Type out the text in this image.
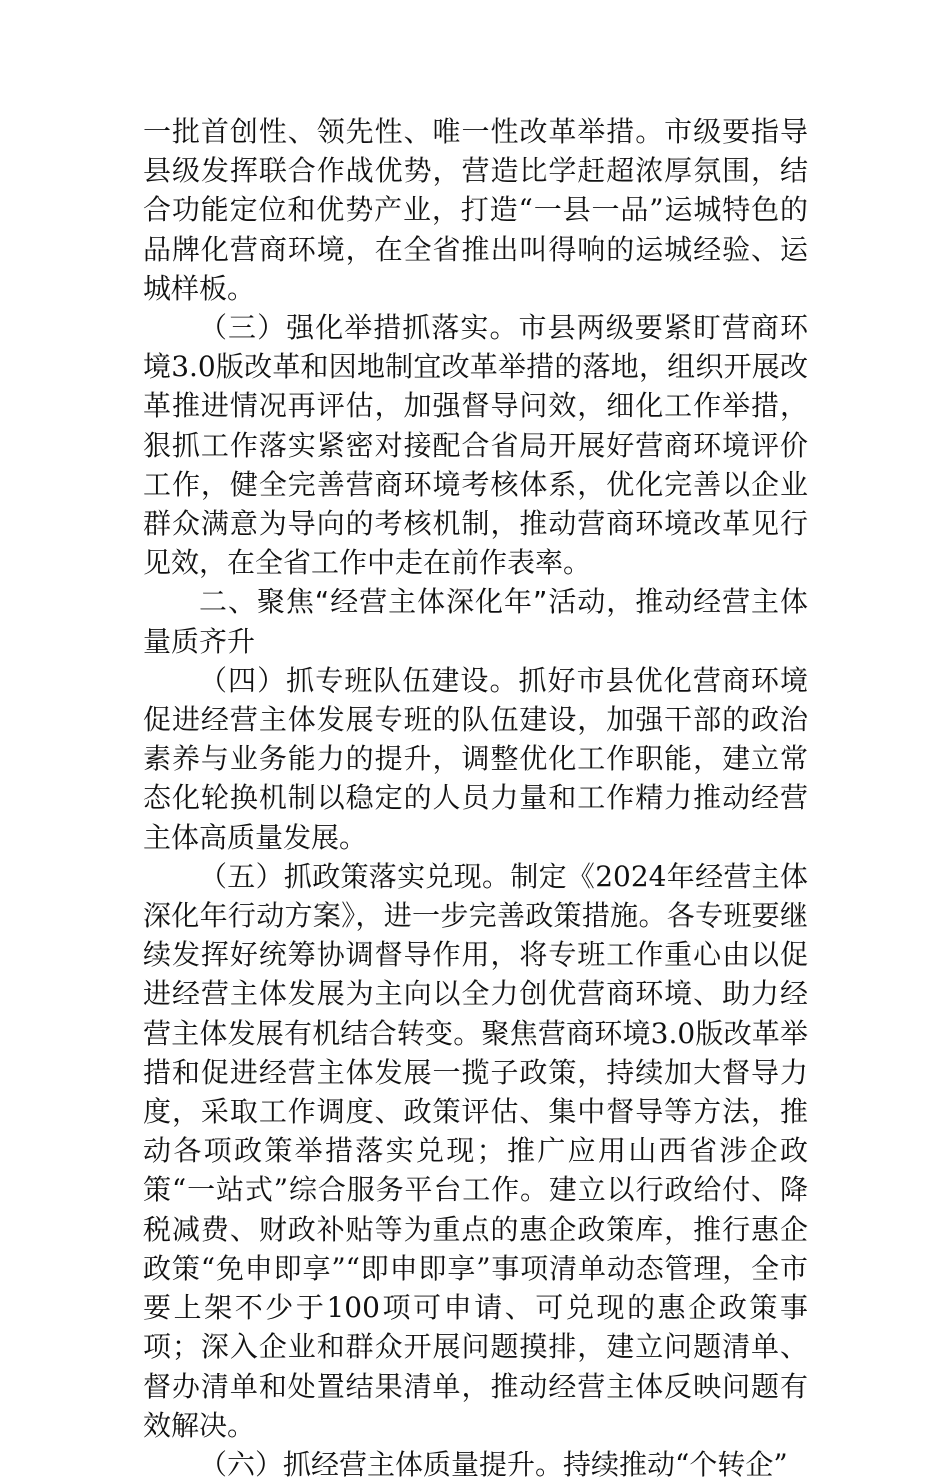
一批首创性、领先性、唯一性改革举措。市级要指导县级发挥联合作战优势，营造比学赶超浓厚氛围，结合功能定位和优势产业，打造“一县一品”运城特色的品牌化营商环境，在全省推出叫得响的运城经验、运城样板。

（三）强化举措抓落实。市县两级要紧盯营商环境3.0版改革和因地制宜改革举措的落地，组织开展改革推进情况再评估，加强督导问效，细化工作举措，狠抓工作落实紧密对接配合省局开展好营商环境评价工作，健全完善营商环境考核体系，优化完善以企业群众满意为导向的考核机制，推动营商环境改革见行见效，在全省工作中走在前作表率。

二、聚焦“经营主体深化年”活动，推动经营主体量质齐升

（四）抓专班队伍建设。抓好市县优化营商环境促进经营主体发展专班的队伍建设，加强干部的政治素养与业务能力的提升，调整优化工作职能，建立常态化轮换机制以稳定的人员力量和工作精力推动经营主体高质量发展。

（五）抓政策落实兑现。制定《2024年经营主体深化年行动方案》，进一步完善政策措施。各专班要继续发挥好统筹协调督导作用，将专班工作重心由以促进经营主体发展为主向以全力创优营商环境、助力经营主体发展有机结合转变。聚焦营商环境3.0版改革举措和促进经营主体发展一揽子政策，持续加大督导力度，采取工作调度、政策评估、集中督导等方法，推动各项政策举措落实兑现；推广应用山西省涉企政策“一站式”综合服务平台工作。建立以行政给付、降税减费、财政补贴等为重点的惠企政策库，推行惠企政策“免申即享”“即申即享”事项清单动态管理，全市要上架不少于100项可申请、可兑现的惠企政策事项；深入企业和群众开展问题摸排，建立问题清单、督办清单和处置结果清单，推动经营主体反映问题有效解决。

（六）抓经营主体质量提升。持续推动“个转企”
